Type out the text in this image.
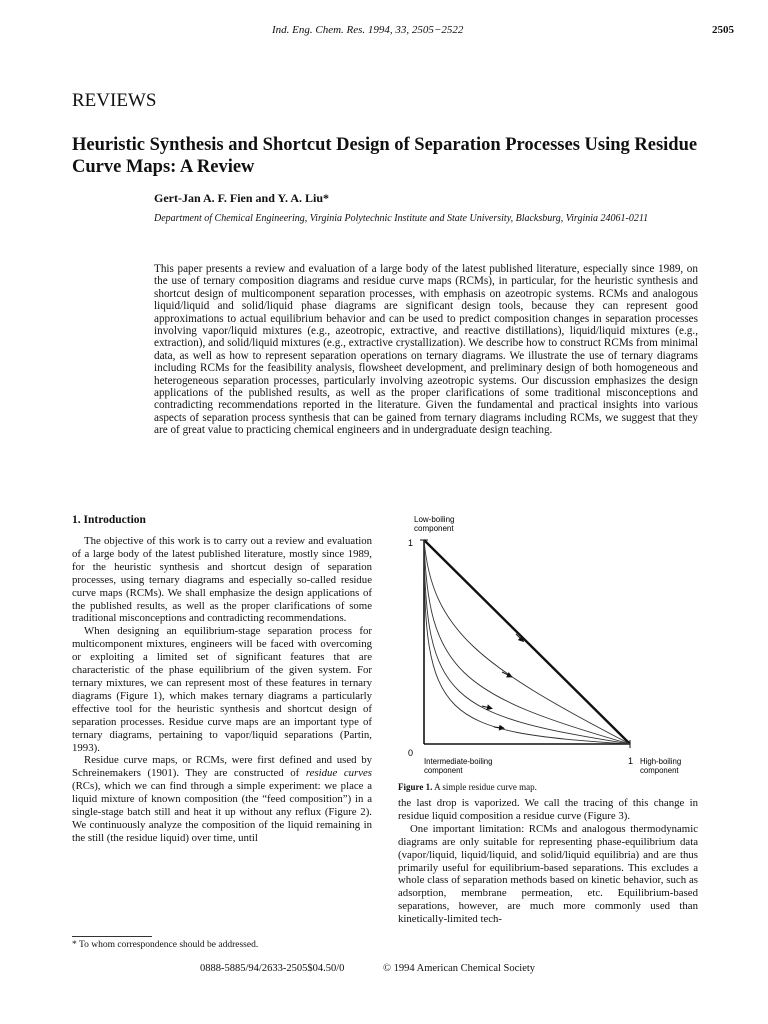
Ind. Eng. Chem. Res. 1994, 33, 2505−2522	2505
REVIEWS
Heuristic Synthesis and Shortcut Design of Separation Processes Using Residue Curve Maps: A Review
Gert-Jan A. F. Fien and Y. A. Liu*
Department of Chemical Engineering, Virginia Polytechnic Institute and State University, Blacksburg, Virginia 24061-0211
This paper presents a review and evaluation of a large body of the latest published literature, especially since 1989, on the use of ternary composition diagrams and residue curve maps (RCMs), in particular, for the heuristic synthesis and shortcut design of multicomponent separation processes, with emphasis on azeotropic systems. RCMs and analogous liquid/liquid and solid/liquid phase diagrams are significant design tools, because they can represent good approximations to actual equilibrium behavior and can be used to predict composition changes in separation processes involving vapor/liquid mixtures (e.g., azeotropic, extractive, and reactive distillations), liquid/liquid mixtures (e.g., extraction), and solid/liquid mixtures (e.g., extractive crystallization). We describe how to construct RCMs from minimal data, as well as how to represent separation operations on ternary diagrams. We illustrate the use of ternary diagrams including RCMs for the feasibility analysis, flowsheet development, and preliminary design of both homogeneous and heterogeneous separation processes, particularly involving azeotropic systems. Our discussion emphasizes the design applications of the published results, as well as the proper clarifications of some traditional misconceptions and contradicting recommendations reported in the literature. Given the fundamental and practical insights into various aspects of separation process synthesis that can be gained from ternary diagrams including RCMs, we suggest that they are of great value to practicing chemical engineers and in undergraduate design teaching.
1. Introduction

The objective of this work is to carry out a review and evaluation of a large body of the latest published literature, mostly since 1989, for the heuristic synthesis and shortcut design of separation processes, using ternary diagrams and especially so-called residue curve maps (RCMs). We shall emphasize the design applications of the published results, as well as the proper clarifications of some traditional misconceptions and contradicting recommendations.

When designing an equilibrium-stage separation process for multicomponent mixtures, engineers will be faced with overcoming or exploiting a limited set of significant features that are characteristic of the phase equilibrium of the given system. For ternary mixtures, we can represent most of these features in ternary diagrams (Figure 1), which makes ternary diagrams a particularly effective tool for the heuristic synthesis and shortcut design of separation processes. Residue curve maps are an important type of ternary diagrams, pertaining to vapor/liquid separations (Partin, 1993).

Residue curve maps, or RCMs, were first defined and used by Schreinemakers (1901). They are constructed of residue curves (RCs), which we can find through a simple experiment: we place a liquid mixture of known composition (the “feed composition”) in a single-stage batch still and heat it up without any reflux (Figure 2). We continuously analyze the composition of the liquid remaining in the still (the residue liquid) over time, until

* To whom correspondence should be addressed.
Low-boiling component
1
0
Intermediate-boiling component
1 High-boiling component
Figure 1. A simple residue curve map.

the last drop is vaporized. We call the tracing of this change in residue liquid composition a residue curve (Figure 3).

One important limitation: RCMs and analogous thermodynamic diagrams are only suitable for representing phase-equilibrium data (vapor/liquid, liquid/liquid, and solid/liquid equilibria) and are thus primarily useful for equilibrium-based separations. This excludes a whole class of separation methods based on kinetic behavior, such as adsorption, membrane permeation, etc. Equilibrium-based separations, however, are much more commonly used than kinetically-limited tech-

0888-5885/94/2633-2505$04.50/0	© 1994 American Chemical Society
